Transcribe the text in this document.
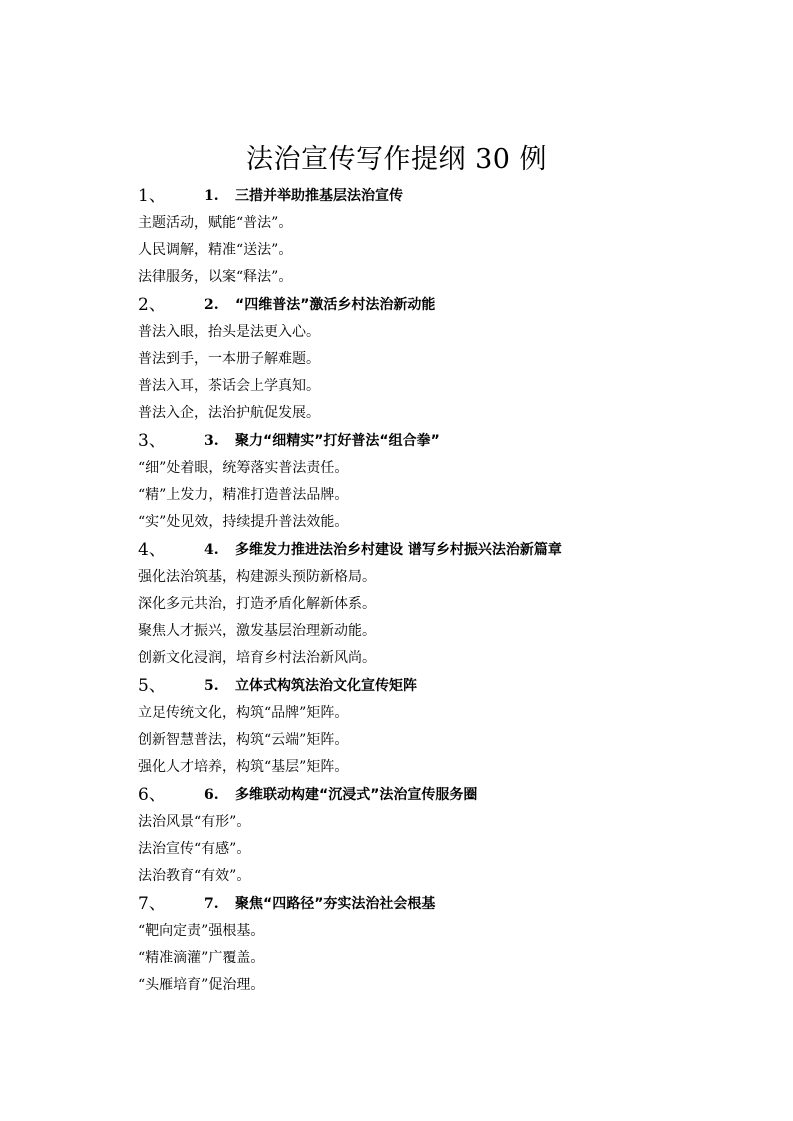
法治宣传写作提纲 30 例
1、	1.	三措并举助推基层法治宣传
主题活动，赋能“普法”。
人民调解，精准“送法”。
法律服务，以案“释法”。
2、	2.	“四维普法”激活乡村法治新动能
普法入眼，抬头是法更入心。
普法到手，一本册子解难题。
普法入耳，茶话会上学真知。
普法入企，法治护航促发展。
3、	3.	聚力“细精实”打好普法“组合拳”
“细”处着眼，统筹落实普法责任。
“精”上发力，精准打造普法品牌。
“实”处见效，持续提升普法效能。
4、	4.	多维发力推进法治乡村建设 谱写乡村振兴法治新篇章
强化法治筑基，构建源头预防新格局。
深化多元共治，打造矛盾化解新体系。
聚焦人才振兴，激发基层治理新动能。
创新文化浸润，培育乡村法治新风尚。
5、	5.	立体式构筑法治文化宣传矩阵
立足传统文化，构筑“品牌”矩阵。
创新智慧普法，构筑“云端”矩阵。
强化人才培养，构筑“基层”矩阵。
6、	6.	多维联动构建“沉浸式”法治宣传服务圈
法治风景“有形”。
法治宣传“有感”。
法治教育“有效”。
7、	7.	聚焦“四路径”夯实法治社会根基
“靶向定责”强根基。
“精准滴灌”广覆盖。
“头雁培育”促治理。
